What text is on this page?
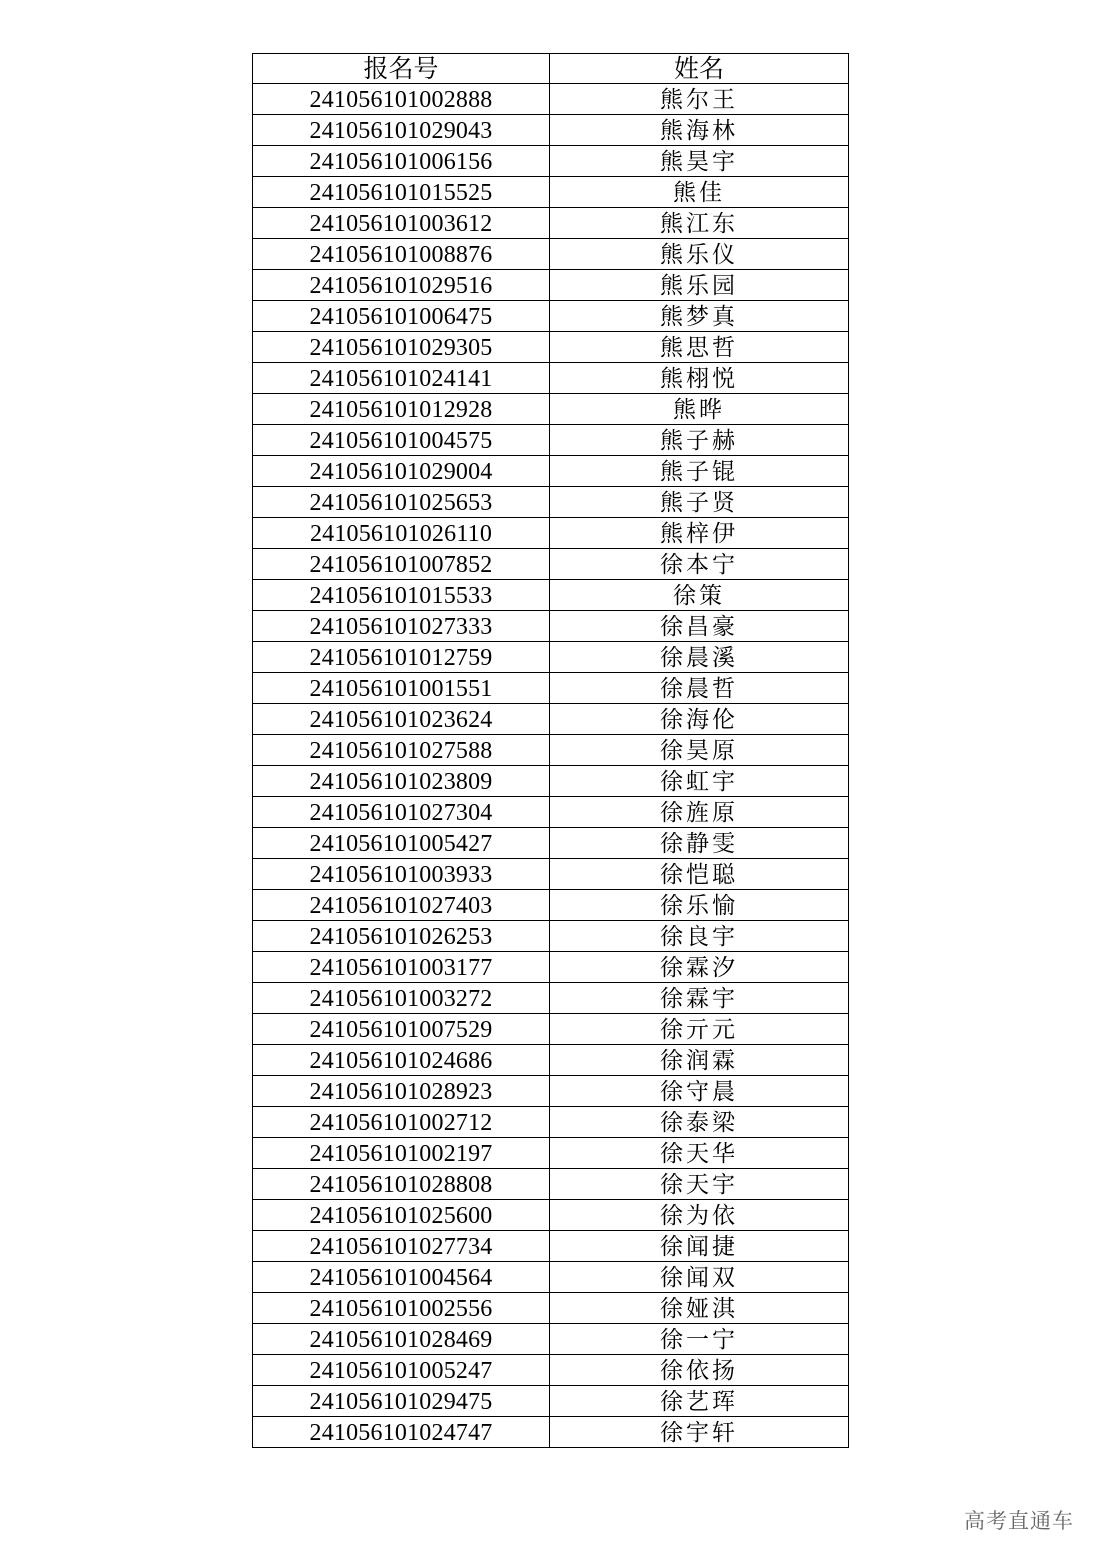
报名号	姓名
241056101002888	熊尔王
241056101029043	熊海林
241056101006156	熊昊宇
241056101015525	熊佳
241056101003612	熊江东
241056101008876	熊乐仪
241056101029516	熊乐园
241056101006475	熊梦真
241056101029305	熊思哲
241056101024141	熊栩悦
241056101012928	熊晔
241056101004575	熊子赫
241056101029004	熊子锟
241056101025653	熊子贤
241056101026110	熊梓伊
241056101007852	徐本宁
241056101015533	徐策
241056101027333	徐昌豪
241056101012759	徐晨溪
241056101001551	徐晨哲
241056101023624	徐海伦
241056101027588	徐昊原
241056101023809	徐虹宇
241056101027304	徐旌原
241056101005427	徐静雯
241056101003933	徐恺聪
241056101027403	徐乐愉
241056101026253	徐良宇
241056101003177	徐霖汐
241056101003272	徐霖宇
241056101007529	徐亓元
241056101024686	徐润霖
241056101028923	徐守晨
241056101002712	徐泰梁
241056101002197	徐天华
241056101028808	徐天宇
241056101025600	徐为依
241056101027734	徐闻捷
241056101004564	徐闻双
241056101002556	徐娅淇
241056101028469	徐一宁
241056101005247	徐依扬
241056101029475	徐艺珲
241056101024747	徐宇轩
高考直通车
